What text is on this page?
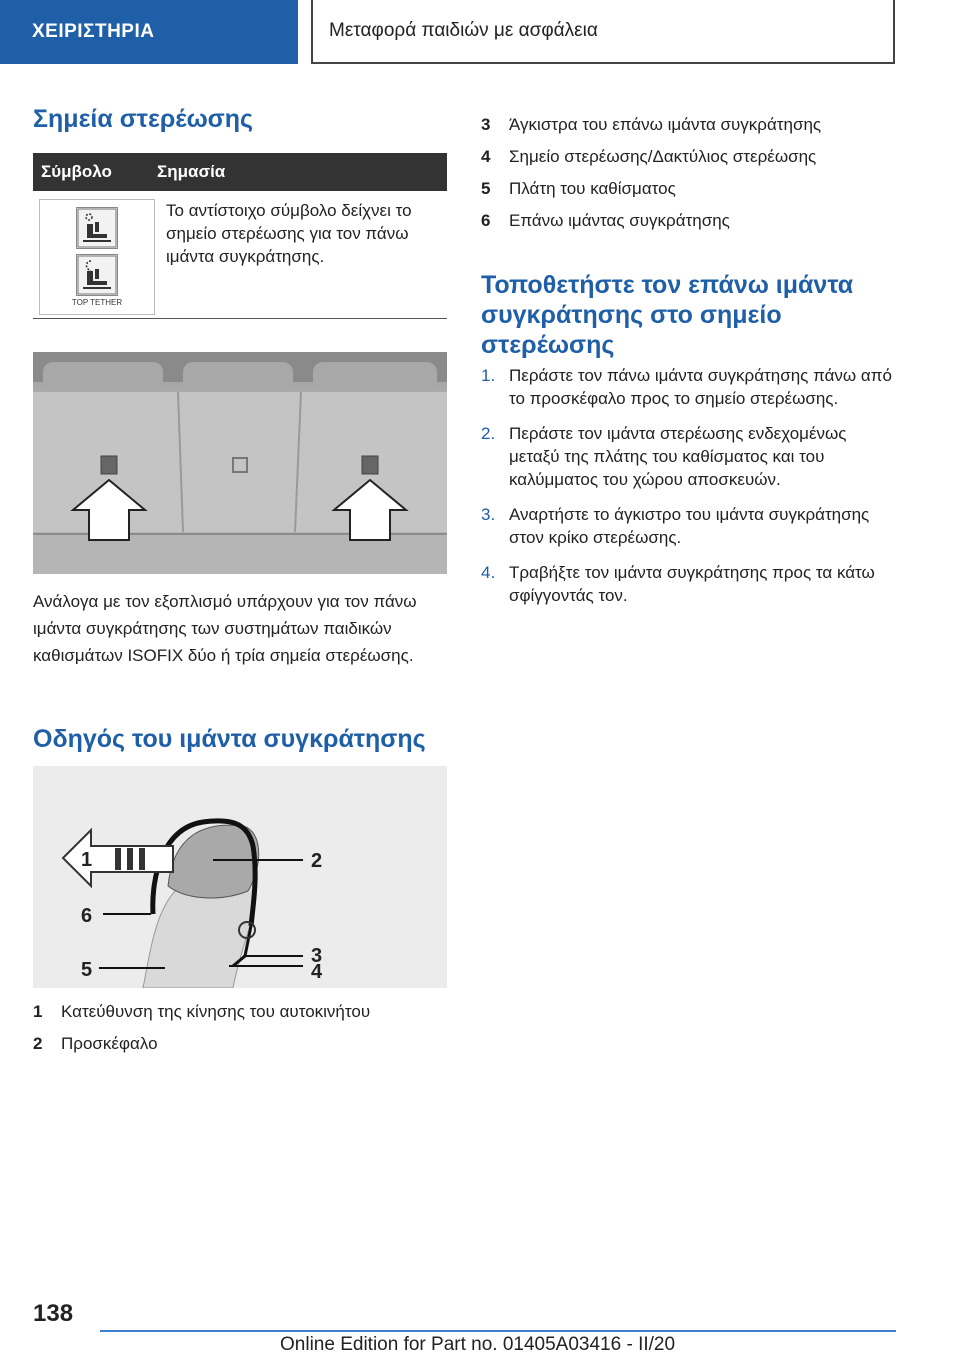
ΧΕΙΡΙΣΤΗΡΙΑ	Μεταφορά παιδιών με ασφάλεια
Σημεία στερέωσης
Σύμβολο	Σημασία
TOP TETHER
Το αντίστοιχο σύμβολο δείχνει το σημείο στερέωσης για τον πάνω ιμάντα συγκράτησης.
Ανάλογα με τον εξοπλισμό υπάρχουν για τον πάνω ιμάντα συγκράτησης των συστημάτων παιδικών καθισμάτων ISOFIX δύο ή τρία σημεία στερέωσης.
Οδηγός του ιμάντα συγκράτησης
1	2
3
4
5
6
1	Κατεύθυνση της κίνησης του αυτοκινήτου
2	Προσκέφαλο
3	Άγκιστρα του επάνω ιμάντα συγκράτησης
4	Σημείο στερέωσης/Δακτύλιος στερέωσης
5	Πλάτη του καθίσματος
6	Επάνω ιμάντας συγκράτησης
Τοποθετήστε τον επάνω ιμάντα συγκράτησης στο σημείο στερέωσης
1. Περάστε τον πάνω ιμάντα συγκράτησης πάνω από το προσκέφαλο προς το σημείο στερέωσης.
2. Περάστε τον ιμάντα στερέωσης ενδεχομένως μεταξύ της πλάτης του καθίσματος και του καλύμματος του χώρου αποσκευών.
3. Αναρτήστε το άγκιστρο του ιμάντα συγκράτησης στον κρίκο στερέωσης.
4. Τραβήξτε τον ιμάντα συγκράτησης προς τα κάτω σφίγγοντάς τον.
138
Online Edition for Part no. 01405A03416 - II/20
